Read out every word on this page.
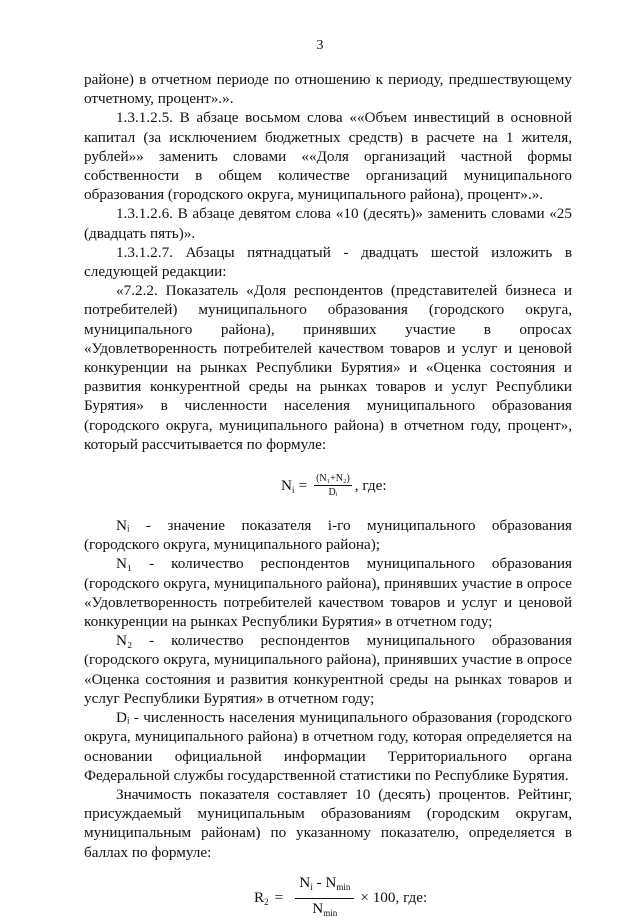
3

районе) в отчетном периоде по отношению к периоду, предшествующему отчетному, процент».».

1.3.1.2.5. В абзаце восьмом слова ««Объем инвестиций в основной капитал (за исключением бюджетных средств) в расчете на 1 жителя, рублей»» заменить словами ««Доля организаций частной формы собственности в общем количестве организаций муниципального образования (городского округа, муниципального района), процент».».

1.3.1.2.6. В абзаце девятом слова «10 (десять)» заменить словами «25 (двадцать пять)».

1.3.1.2.7. Абзацы пятнадцатый - двадцать шестой изложить в следующей редакции:

«7.2.2. Показатель «Доля респондентов (представителей бизнеса и потребителей) муниципального образования (городского округа, муниципального района), принявших участие в опросах «Удовлетворенность потребителей качеством товаров и услуг и ценовой конкуренции на рынках Республики Бурятия» и «Оценка состояния и развития конкурентной среды на рынках товаров и услуг Республики Бурятия» в численности населения муниципального образования (городского округа, муниципального района) в отчетном году, процент», который рассчитывается по формуле:

$N_i = \frac{\text{(N₁+N₂)}}{\text{Dᵢ}}$ , где:

Nᵢ - значение показателя i-го муниципального образования (городского округа, муниципального района);

N₁ - количество респондентов муниципального образования (городского округа, муниципального района), принявших участие в опросе «Удовлетворенность потребителей качеством товаров и услуг и ценовой конкуренции на рынках Республики Бурятия» в отчетном году;

N₂ - количество респондентов муниципального образования (городского округа, муниципального района), принявших участие в опросе «Оценка состояния и развития конкурентной среды на рынках товаров и услуг Республики Бурятия» в отчетном году;

Dᵢ - численность населения муниципального образования (городского округа, муниципального района) в отчетном году, которая определяется на основании официальной информации Территориального органа Федеральной службы государственной статистики по Республике Бурятия.

Значимость показателя составляет 10 (десять) процентов. Рейтинг, присуждаемый муниципальным образованиям (городским округам, муниципальным районам) по указанному показателю, определяется в баллах по формуле:

$R_2 = \frac{N_i - N_{min}}{N_{min}} \times 100$, где:
